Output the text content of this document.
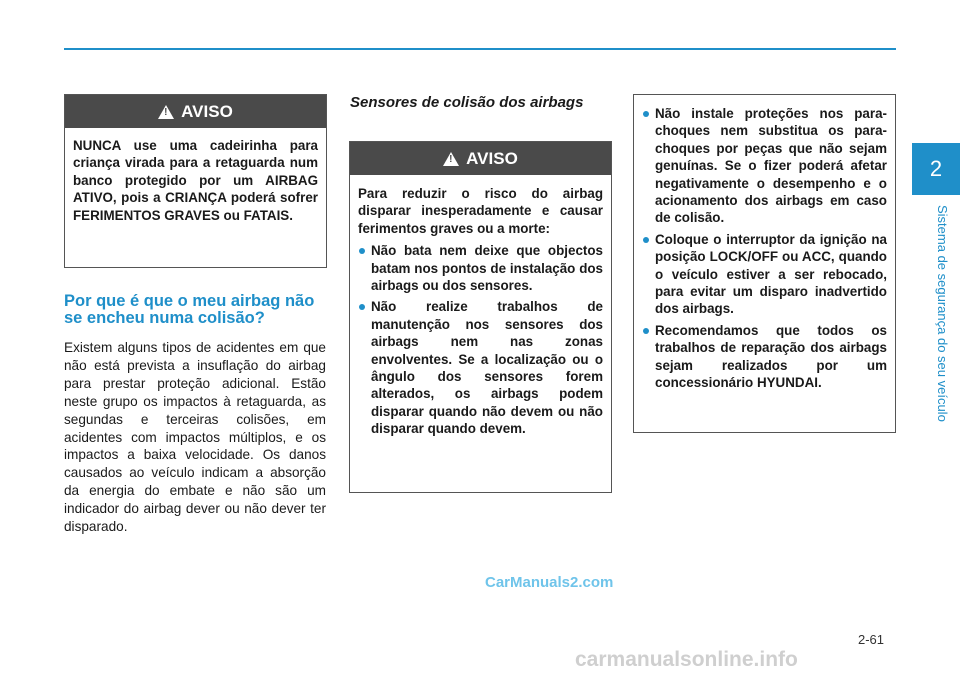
2
Sistema de segurança do seu veículo
!
AVISO

NUNCA use uma cadeirinha para criança virada para a retaguarda num banco protegido por um AIRBAG ATIVO, pois a CRIANÇA poderá sofrer FERIMENTOS GRAVES ou FATAIS.

Por que é que o meu airbag não se encheu numa colisão?
Existem alguns tipos de acidentes em que não está prevista a insuflação do airbag para prestar proteção adicional. Estão neste grupo os impactos à retaguarda, as segundas e terceiras colisões, em acidentes com impactos múltiplos, e os impactos a baixa velocidade. Os danos causados ao veículo indicam a absorção da energia do embate e não são um indicador do airbag dever ou não dever ter disparado.
Sensores de colisão dos airbags
!
AVISO

Para reduzir o risco do airbag disparar inesperadamente e causar ferimentos graves ou a morte:

Não bata nem deixe que objectos batam nos pontos de instalação dos airbags ou dos sensores.
Não realize trabalhos de manutenção nos sensores dos airbags nem nas zonas envolventes. Se a localização ou o ângulo dos sensores forem alterados, os airbags podem disparar quando não devem ou não disparar quando devem.
Não instale proteções nos para-choques nem substitua os para-choques por peças que não sejam genuínas. Se o fizer poderá afetar negativamente o desempenho e o acionamento dos airbags em caso de colisão.
Coloque o interruptor da ignição na posição LOCK/OFF ou ACC, quando o veículo estiver a ser rebocado, para evitar um disparo inadvertido dos airbags.
Recomendamos que todos os trabalhos de reparação dos airbags sejam realizados por um concessionário HYUNDAI.
CarManuals2.com
2-61
carmanualsonline.info
